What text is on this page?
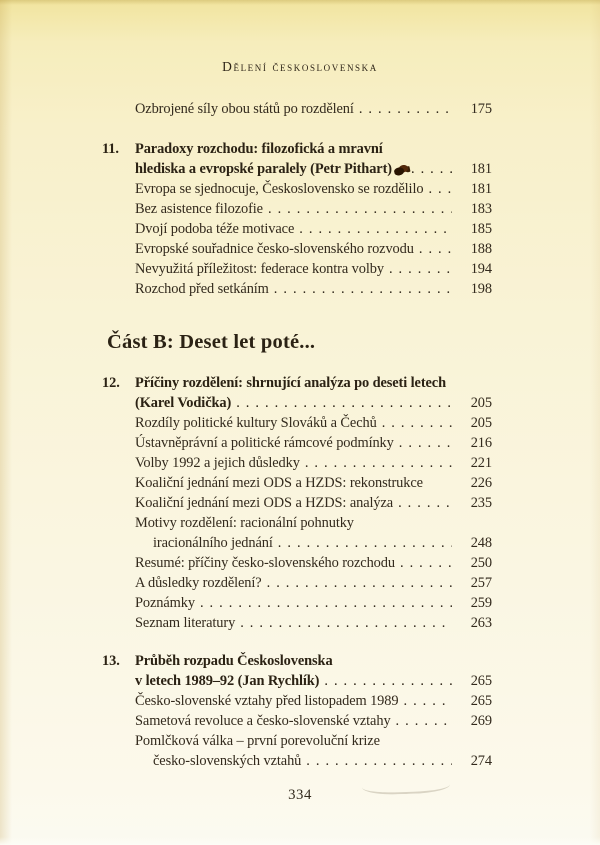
Dělení československa
Ozbrojené síly obou států po rozdělení .....	175
11.	Paradoxy rozchodu: filozofická a mravní
hlediska a evropské paralely (Petr Pithart) .....	181
Evropa se sjednocuje, Československo se rozdělilo .....	181
Bez asistence filozofie .....	183
Dvojí podoba téže motivace .....	185
Evropské souřadnice česko-slovenského rozvodu .....	188
Nevyužitá příležitost: federace kontra volby .....	194
Rozchod před setkáním .....	198
Část B: Deset let poté...
12.	Příčiny rozdělení: shrnující analýza po deseti letech
(Karel Vodička) .....	205
Rozdíly politické kultury Slováků a Čechů .....	205
Ústavněprávní a politické rámcové podmínky .....	216
Volby 1992 a jejich důsledky .....	221
Koaliční jednání mezi ODS a HZDS: rekonstrukce	226
Koaliční jednání mezi ODS a HZDS: analýza .....	235
Motivy rozdělení: racionální pohnutky
iracionálního jednání .....	248
Resumé: příčiny česko-slovenského rozchodu .....	250
A důsledky rozdělení? .....	257
Poznámky .....	259
Seznam literatury .....	263
13.	Průběh rozpadu Československa
v letech 1989–92 (Jan Rychlík) .....	265
Česko-slovenské vztahy před listopadem 1989 .....	265
Sametová revoluce a česko-slovenské vztahy .....	269
Pomlčková válka – první porevoluční krize
česko-slovenských vztahů .....	274
334
